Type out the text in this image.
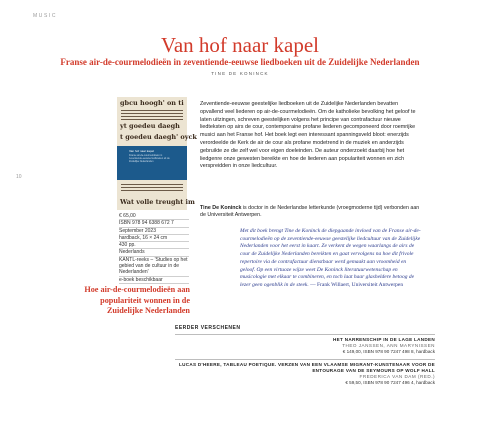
MUSIC
10
Van hof naar kapel
Franse air-de-courmelodieën in zeventiende-eeuwse liedboeken uit de Zuidelijke Nederlanden
TINE DE KONINCK
gbcu hoogh' on ti
yt goedeu daegh
t goedeu daegh' oyck
Van hof naar kapel
Franse air-de-courmelodieën in zeventiende-eeuwse liedboeken uit de Zuidelijke Nederlanden
Wat volle treught im
€ 65,00
ISBN 978 94 6388 672 7
September 2023
hardback, 16 × 24 cm
430 pp.
Nederlands
KANTL-reeks – 'Studies op het gebied van de cultuur in de Nederlanden'
e-boek beschikbaar
Hoe air-de-courmelodieën aan populariteit wonnen in de Zuidelijke Nederlanden

Zeventiende-eeuwse geestelijke liedboeken uit de Zuidelijke Nederlanden bevatten opvallend veel liederen op air-de-courmelodieën. Om de katholieke bevolking het geloof te laten uitzingen, schreven geestelijken volgens het principe van contrafactuur nieuwe liedteksten op airs de cour, contemporaine profane liederen gecomponeerd door roemrijke musici aan het Franse hof. Het boek legt een interessant spanningsveld bloot: enerzijds verordeelde de Kerk de air de cour als profane modetrend in de muziek en anderzijds gebruikte ze die zelf wel voor eigen doeleinden. De auteur onderzoekt daarbij hoe het liedgenre onze gewesten bereikte en hoe de liederen aan populariteit wonnen en zich verspreidden in onze liedcultuur.

Tine De Koninck is doctor in de Nederlandse letterkunde (vroegmoderne tijd) verbonden aan de Universiteit Antwerpen.

Met dit boek brengt Tine de Koninck de diepgaande invloed van de Franse air-de-courmelodieën op de zeventiende-eeuwse geestelijke liedcultuur van de Zuidelijke Nederlanden voor het eerst in kaart. Ze verkent de wegen waarlangs de airs de cour de Zuidelijke Nederlanden bereikten en gaat vervolgens na hoe dit frivole repertoire via de contrafactuur dienstbaar werd gemaakt aan vroomheid en geloof. Op een virtuoze wijze weet De Koninck literatuurwetenschap en musicologie met elkaar te combineren, en toch laat haar glasheldere betoog de lezer geen ogenblik in de steek. — Frank Willaert, Universiteit Antwerpen

EERDER VERSCHENEN
HET NARRENSCHIP IN DE LAGE LANDEN
THEO JANSSEN, ANN MARYNISSEN
€ 149,00, ISBN 978 90 7247 498 8, hardback
LUCAS D'HEERE, TABLEAU POETIQUE. VERZEN VAN EEN VLAAMSE MIGRANT-KUNSTENAAR VOOR DE ENTOURAGE VAN DE SEYMOURS OP WOLF HALL
FREDERICA VAN DAM (RED.)
€ 59,50, ISBN 978 90 7247 496 4, hardback
